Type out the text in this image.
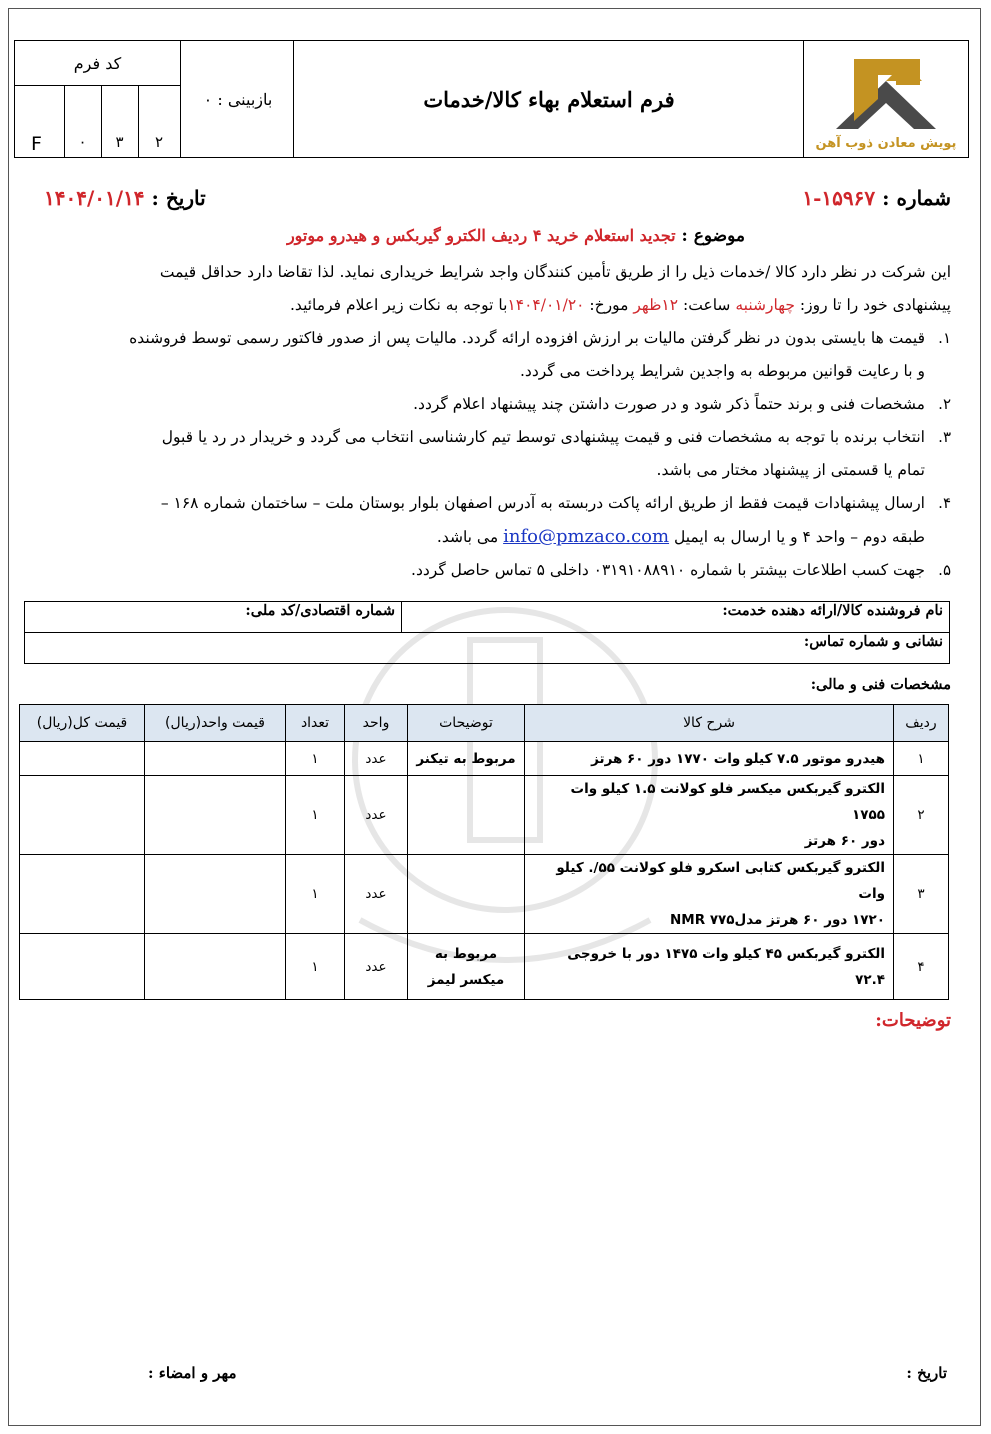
پویش معادن ذوب آهن
فرم استعلام بهاء کالا/خدمات
بازبینی : ۰
کد فرم
۲
۳
۰
F
شماره : ۱۵۹۶۷-۱
تاریخ : ۱۴۰۴/۰۱/۱۴
موضوع : تجدید استعلام خرید ۴ ردیف الکترو گیربکس و هیدرو موتور
این شرکت در نظر دارد کالا /خدمات ذیل را از طریق تأمین کنندگان واجد شرایط خریداری نماید. لذا تقاضا دارد حداقل قیمت
پیشنهادی خود را تا روز: چهارشنبه ساعت: ۱۲ظهر مورخ: ۱۴۰۴/۰۱/۲۰با توجه به نکات زیر اعلام فرمائید.
۱.
قیمت ها بایستی بدون در نظر گرفتن مالیات بر ارزش افزوده ارائه گردد. مالیات پس از صدور فاکتور رسمی توسط فروشنده
و با رعایت قوانین مربوطه به واجدین شرایط پرداخت می گردد.
۲.
مشخصات فنی و برند حتماً ذکر شود و در صورت داشتن چند پیشنهاد اعلام گردد.
۳.
انتخاب برنده با توجه به مشخصات فنی و قیمت پیشنهادی توسط تیم کارشناسی انتخاب می گردد و خریدار در رد یا قبول
تمام یا قسمتی از پیشنهاد مختار می باشد.
۴.
ارسال پیشنهادات قیمت فقط از طریق ارائه پاکت دربسته به آدرس اصفهان بلوار بوستان ملت – ساختمان شماره ۱۶۸ –
طبقه دوم – واحد ۴ و یا ارسال به ایمیل info@pmzaco.com می باشد.
۵.
جهت کسب اطلاعات بیشتر با شماره ۰۳۱۹۱۰۸۸۹۱۰ داخلی ۵ تماس حاصل گردد.
نام فروشنده کالا/ارائه دهنده خدمت:	شماره اقتصادی/کد ملی:
نشانی و شماره تماس:
مشخصات فنی و مالی:
ردیف	شرح کالا	توضیحات	واحد	تعداد	قیمت واحد(ریال)	قیمت کل(ریال)
۱	هیدرو موتور ۷.۵ کیلو وات ۱۷۷۰ دور ۶۰ هرتز	مربوط به تیکنر	عدد	۱		
۲	الکترو گیربکس میکسر فلو کولانت ۱.۵ کیلو وات ۱۷۵۵
دور ۶۰ هرتز		عدد	۱		
۳	الکترو گیربکس کتابی اسکرو فلو کولانت ۵۵/. کیلو وات
۱۷۲۰ دور ۶۰ هرتز مدل۷۷۵ NMR		عدد	۱		
۴	الکترو گیربکس ۴۵ کیلو وات ۱۴۷۵ دور با خروجی ۷۲.۴	مربوط به
میکسر لیمز	عدد	۱		
توضیحات:
تاریخ :
مهر و امضاء :
